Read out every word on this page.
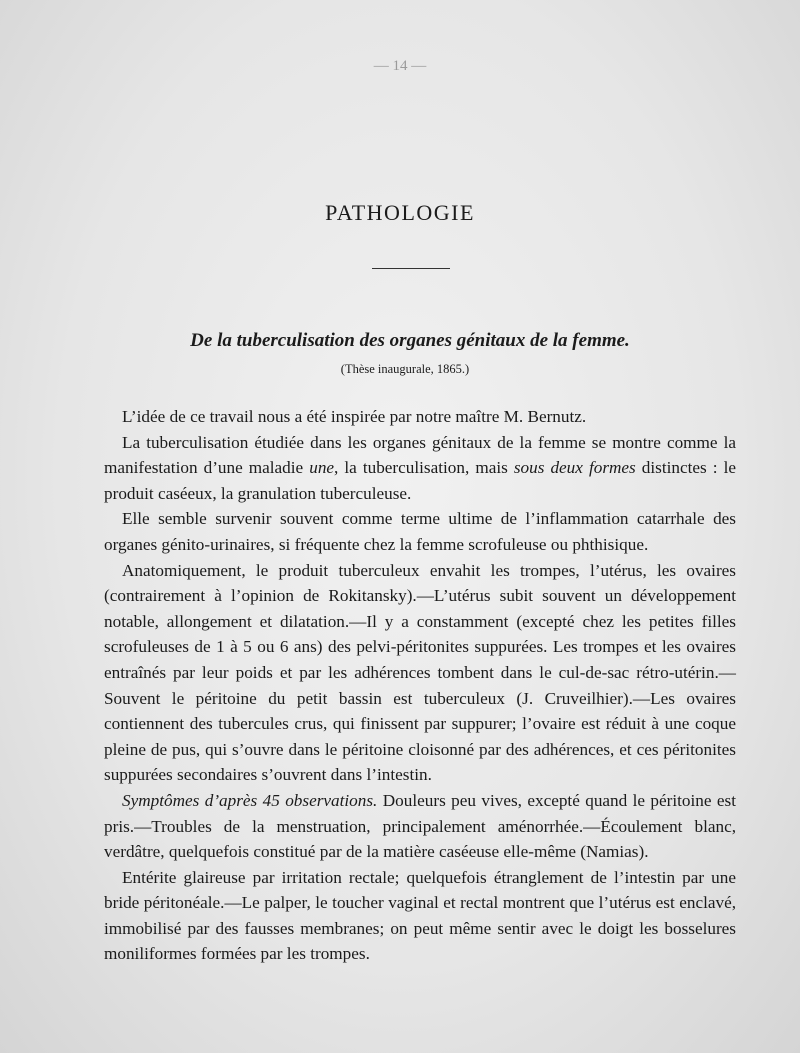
— 14 —
PATHOLOGIE
De la tuberculisation des organes génitaux de la femme.
(Thèse inaugurale, 1865.)

L’idée de ce travail nous a été inspirée par notre maître M. Bernutz.

La tuberculisation étudiée dans les organes génitaux de la femme se montre comme la manifestation d’une maladie une, la tuberculisation, mais sous deux formes distinctes : le produit caséeux, la granulation tuberculeuse.

Elle semble survenir souvent comme terme ultime de l’inflammation catarrhale des organes génito-urinaires, si fréquente chez la femme scrofuleuse ou phthisique.

Anatomiquement, le produit tuberculeux envahit les trompes, l’utérus, les ovaires (contrairement à l’opinion de Rokitansky).—L’utérus subit souvent un développement notable, allongement et dilatation.—Il y a constamment (excepté chez les petites filles scrofuleuses de 1 à 5 ou 6 ans) des pelvi-péritonites suppurées. Les trompes et les ovaires entraînés par leur poids et par les adhérences tombent dans le cul-de-sac rétro-utérin.—Souvent le péritoine du petit bassin est tuberculeux (J. Cruveilhier).—Les ovaires contiennent des tubercules crus, qui finissent par suppurer; l’ovaire est réduit à une coque pleine de pus, qui s’ouvre dans le péritoine cloisonné par des adhérences, et ces péritonites suppurées secondaires s’ouvrent dans l’intestin.

Symptômes d’après 45 observations. Douleurs peu vives, excepté quand le péritoine est pris.—Troubles de la menstruation, principalement aménorrhée.—Écoulement blanc, verdâtre, quelquefois constitué par de la matière caséeuse elle-même (Namias).

Entérite glaireuse par irritation rectale; quelquefois étranglement de l’intestin par une bride péritonéale.—Le palper, le toucher vaginal et rectal montrent que l’utérus est enclavé, immobilisé par des fausses membranes; on peut même sentir avec le doigt les bosselures moniliformes formées par les trompes.
